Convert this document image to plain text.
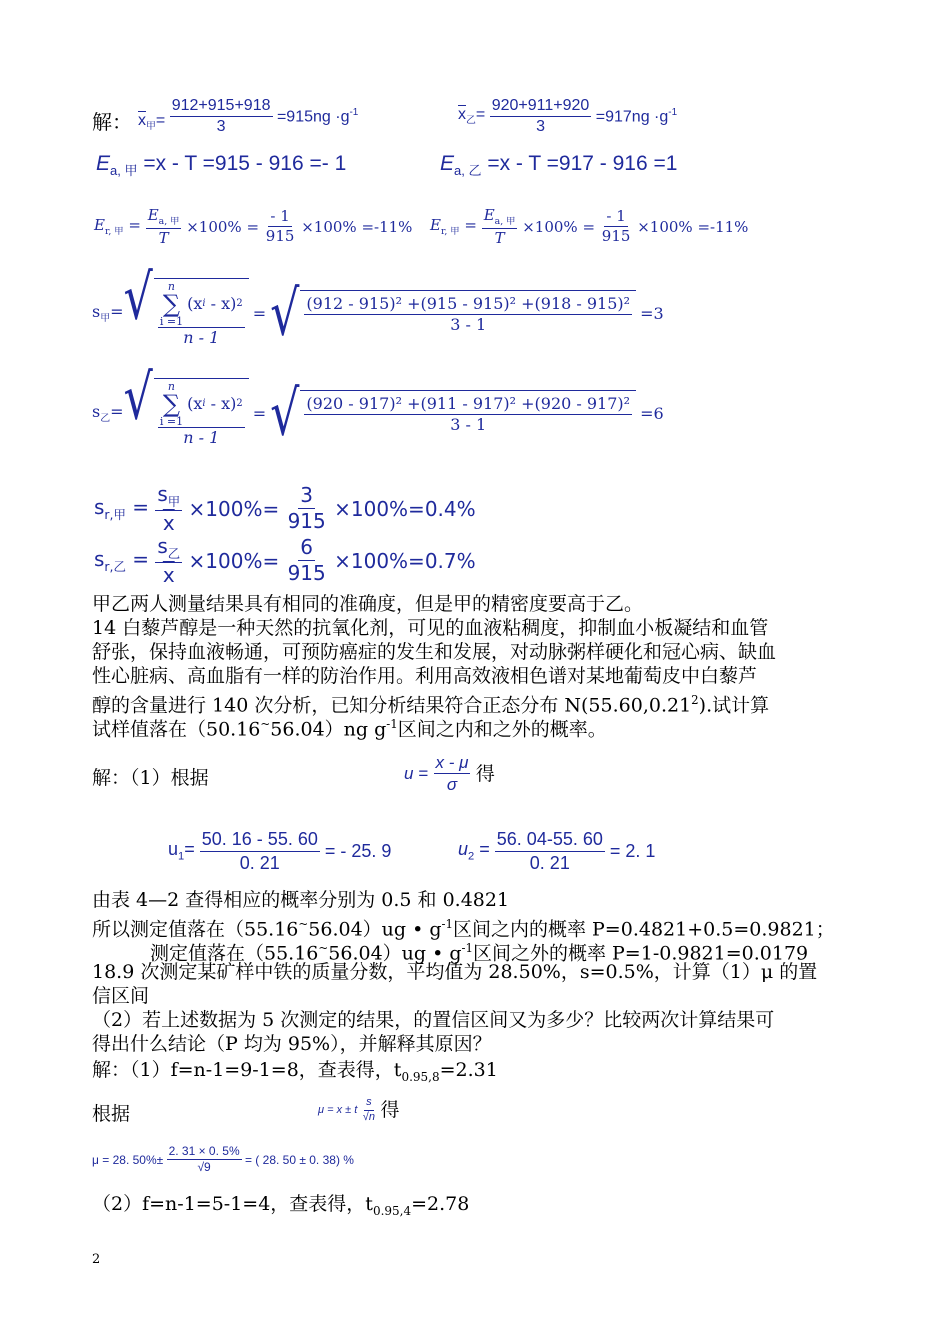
解： $\overline{x}_甲= \frac{912+915+918}{3} =915ng \cdot g^{-1}$	$\overline{x}_乙= \frac{920+911+920}{3} =917ng \cdot g^{-1}$
$E_{a, 甲} =x - T =915 - 916 =- 1$	$E_{a, 乙} =x - T =917 - 916 =1$
$E_{r, 甲} = \frac{E_{a, 甲}}{T} \times 100\% = \frac{- 1}{915} \times 100\% =-11\%$ $E_{r, 甲} = \frac{E_{a, 甲}}{T} \times 100\% = \frac{- 1}{915} \times 100\% =-11\%$
$s_甲=$ √ n
∑
i =1
(x i
- x) 2
n - 1 = √ $\frac{\text{(912 - 915)² +(915 - 915)² +(918 - 915)²}}{3 - 1} =3$
$s_乙=$ √ n
∑
i =1
(x i
- x) 2
n - 1 = √ $\frac{\text{(920 - 917)² +(911 - 917)² +(920 - 917)²}}{3 - 1} =6$
$s_{r,甲} = \frac{s_甲}{x} \times 100\%= \frac{3}{915} \times 100\%=0.4\%$
$s_{r,乙} = \frac{s_乙}{x} \times 100\%= \frac{6}{915} \times 100\%=0.7\%$
甲乙两人测量结果具有相同的准确度，但是甲的精密度要高于乙。
14 白藜芦醇是一种天然的抗氧化剂，可见的血液粘稠度，抑制血小板凝结和血管
舒张，保持血液畅通，可预防癌症的发生和发展，对动脉粥样硬化和冠心病、缺血
性心脏病、高血脂有一样的防治作用。利用高效液相色谱对某地葡萄皮中白藜芦
醇的含量进行 140 次分析，已知分析结果符合正态分布 N(55.60,0.21$^2$).试计算
试样值落在（50.16~56.04）ng $g^{-1}$区间之内和之外的概率。
解：（1）根据	$u = \frac{x - \mu}{\sigma}$ 得
$u_1= \frac{50. 16 - 55. 60}{0. 21}$ = - 25. 9	$u_2 = \frac{56. 04-55. 60}{0. 21} = 2$. 1
由表 4—2 查得相应的概率分别为 0.5 和 0.4821
所以测定值落在（55.16~56.04）ug • $g^{-1}$区间之内的概率 P=0.4821+0.5=0.9821；
测定值落在（55.16~56.04）ug • $g^{-1}$区间之外的概率 P=1-0.9821=0.0179
18.9 次测定某矿样中铁的质量分数，平均值为 28.50%，s=0.5%，计算（1）μ 的置
信区间
（2）若上述数据为 5 次测定的结果，的置信区间又为多少？比较两次计算结果可
得出什么结论（P 均为 95%），并解释其原因？
解：（1）f=n-1=9-1=8，查表得，$t_{0.95,8}=2.31$
根据	μ = x ± t $\frac{s}{√n}$ 得
μ = 28. $50\%\pm \frac{2. 31 \times 0. 5\%}{√9}$ = ( 28. 50 ± 0. 38) %
（2）f=n-1=5-1=4，查表得，$t_{0.95,4}=2.78$
2
